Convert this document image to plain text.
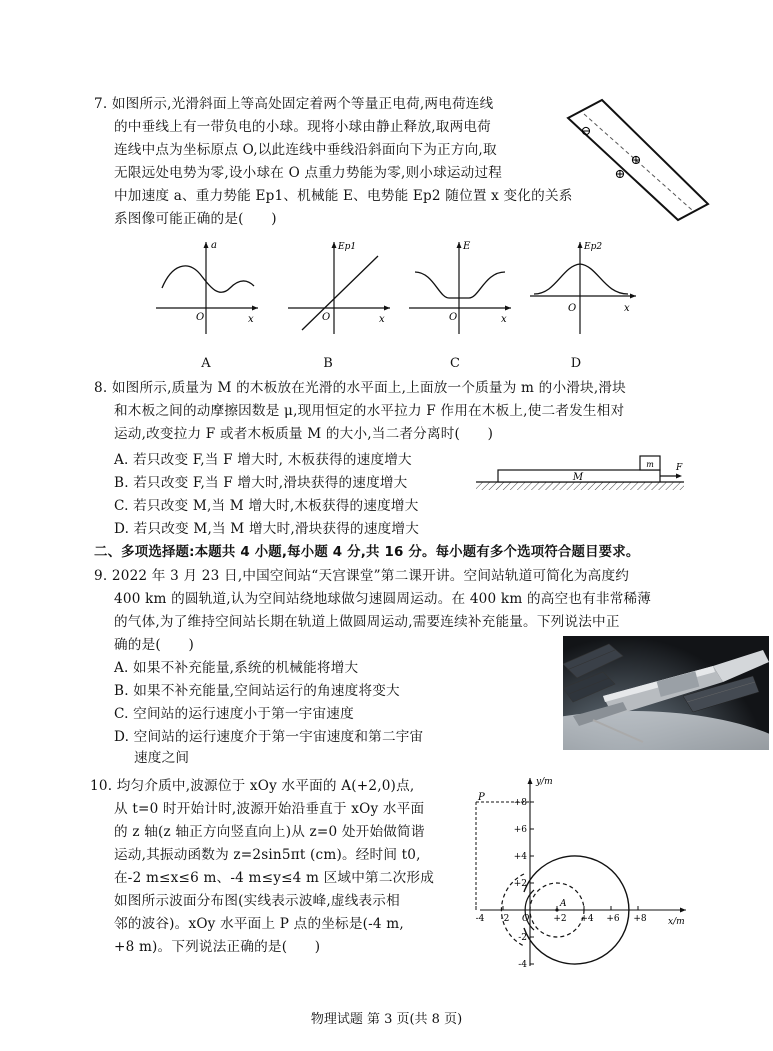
7. 如图所示,光滑斜面上等高处固定着两个等量正电荷,两电荷连线
的中垂线上有一带负电的小球。现将小球由静止释放,取两电荷
连线中点为坐标原点 O,以此连线中垂线沿斜面向下为正方向,取
无限远处电势为零,设小球在 O 点重力势能为零,则小球运动过程
中加速度 a、重力势能 Ep1、机械能 E、电势能 Ep2 随位置 x 变化的关系
系图像可能正确的是(　　)
⊖
⊕
⊕
a
O	x
Ep1
O	x
E
O	x
Ep2
O	x
A	B	C	D
8. 如图所示,质量为 M 的木板放在光滑的水平面上,上面放一个质量为 m 的小滑块,滑块
和木板之间的动摩擦因数是 μ,现用恒定的水平拉力 F 作用在木板上,使二者发生相对
运动,改变拉力 F 或者木板质量 M 的大小,当二者分离时(　　)
A. 若只改变 F,当 F 增大时, 木板获得的速度增大
B. 若只改变 F,当 F 增大时,滑块获得的速度增大
C. 若只改变 M,当 M 增大时,木板获得的速度增大
D. 若只改变 M,当 M 增大时,滑块获得的速度增大
M
m F
二、多项选择题:本题共 4 小题,每小题 4 分,共 16 分。每小题有多个选项符合题目要求。
9. 2022 年 3 月 23 日,中国空间站“天宫课堂”第二课开讲。空间站轨道可简化为高度约
400 km 的圆轨道,认为空间站绕地球做匀速圆周运动。在 400 km 的高空也有非常稀薄
的气体,为了维持空间站长期在轨道上做圆周运动,需要连续补充能量。下列说法中正
确的是(　　)
A. 如果不补充能量,系统的机械能将增大
B. 如果不补充能量,空间站运行的角速度将变大
C. 空间站的运行速度小于第一宇宙速度
D. 空间站的运行速度介于第一宇宙速度和第二宇宙
速度之间
10. 均匀介质中,波源位于 xOy 水平面的 A(+2,0)点,
从 t=0 时开始计时,波源开始沿垂直于 xOy 水平面
的 z 轴(z 轴正方向竖直向上)从 z=0 处开始做简谐
运动,其振动函数为 z=2sin5πt (cm)。经时间 t0,
在-2 m≤x≤6 m、-4 m≤y≤4 m 区域中第二次形成
如图所示波面分布图(实线表示波峰,虚线表示相
邻的波谷)。xOy 水平面上 P 点的坐标是(-4 m,
+8 m)。下列说法正确的是(　　)
+8
+6
+4
+2
-2
-4
-4 -2	+2 +4 +6 +8
y/m
x/m
P
A
O
物理试题 第 3 页(共 8 页)
